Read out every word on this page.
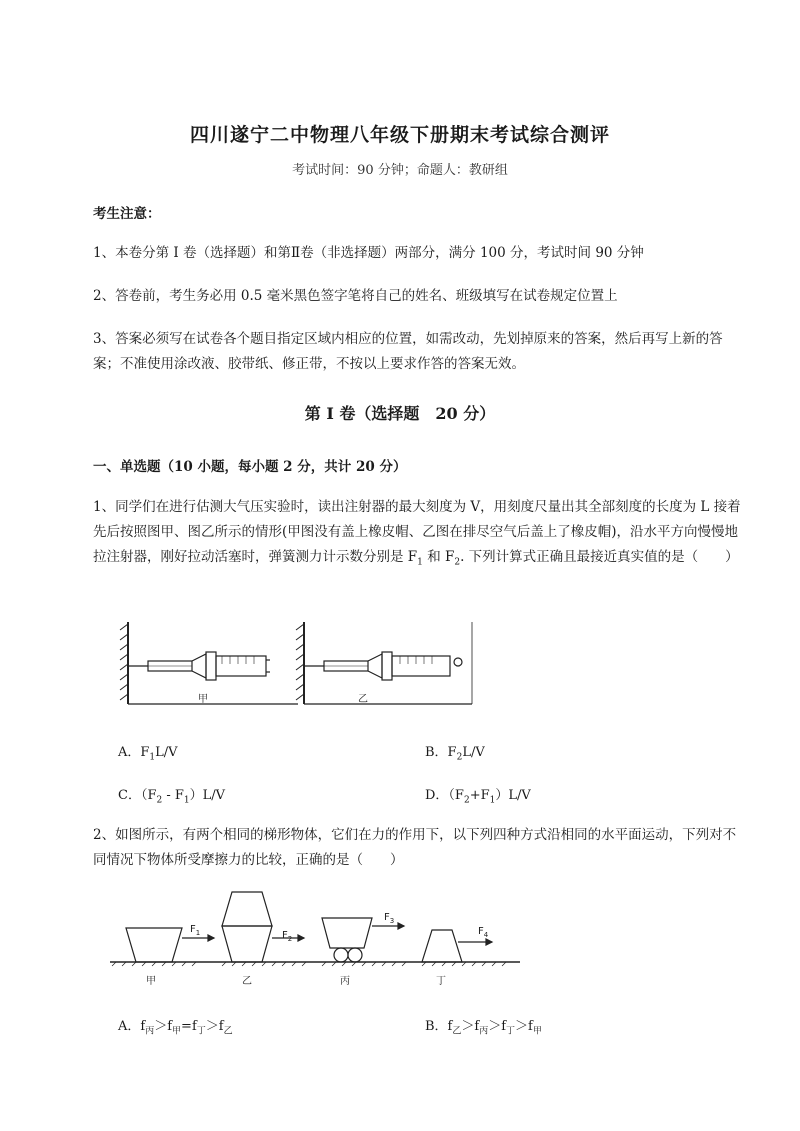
四川遂宁二中物理八年级下册期末考试综合测评
考试时间：90 分钟；命题人：教研组
考生注意：
1、本卷分第 I 卷（选择题）和第Ⅱ卷（非选择题）两部分，满分 100 分，考试时间 90 分钟
2、答卷前，考生务必用 0.5 毫米黑色签字笔将自己的姓名、班级填写在试卷规定位置上
3、答案必须写在试卷各个题目指定区域内相应的位置，如需改动，先划掉原来的答案，然后再写上新的答案；不准使用涂改液、胶带纸、修正带，不按以上要求作答的答案无效。
第 I 卷（选择题　20 分）
一、单选题（10 小题，每小题 2 分，共计 20 分）
1、同学们在进行估测大气压实验时，读出注射器的最大刻度为 V，用刻度尺量出其全部刻度的长度为 L 接着先后按照图甲、图乙所示的情形(甲图没有盖上橡皮帽、乙图在排尽空气后盖上了橡皮帽)，沿水平方向慢慢地拉注射器，刚好拉动活塞时，弹簧测力计示数分别是 $F_1$ 和 $F_2$. 下列计算式正确且最接近真实值的是（　　）
甲	乙
A．$F_1L/V$	B．$F_2L/V$
C．$(F_2 - F_1)L/V$	D．$(F_2+F_1)L/V$
2、如图所示，有两个相同的梯形物体，它们在力的作用下，以下列四种方式沿相同的水平面运动，下列对不同情况下物体所受摩擦力的比较，正确的是（　　）
$F_1$	$F_2$
$F_3$
$F_4$
甲	乙	丙	丁
A．$f_丙>f_甲=f_丁>f_乙$	B．$f_乙>f_丙>f_丁>f_甲$
